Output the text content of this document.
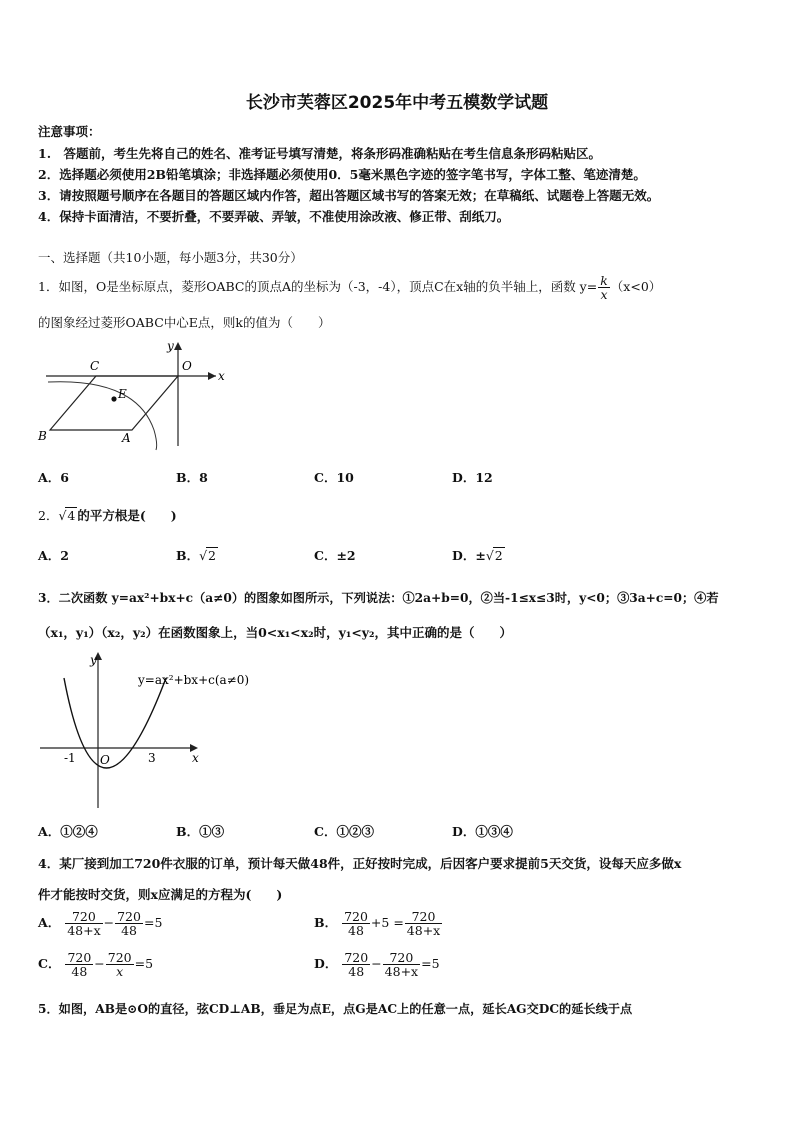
长沙市芙蓉区2025年中考五模数学试题
注意事项：
1.　答题前，考生先将自己的姓名、准考证号填写清楚，将条形码准确粘贴在考生信息条形码粘贴区。
2．选择题必须使用2B铅笔填涂；非选择题必须使用0．5毫米黑色字迹的签字笔书写，字体工整、笔迹清楚。
3．请按照题号顺序在各题目的答题区域内作答，超出答题区域书写的答案无效；在草稿纸、试题卷上答题无效。
4．保持卡面清洁，不要折叠，不要弄破、弄皱，不准使用涂改液、修正带、刮纸刀。
一、选择题（共10小题，每小题3分，共30分）
1．如图，O是坐标原点，菱形OABC的顶点A的坐标为（-3，-4），顶点C在x轴的负半轴上，函数 $y= \frac{k}{x} (x<0)$
的图象经过菱形OABC中心E点，则k的值为（　　）
C	O
y
x
E
B	A
A．6	B．8	C．10	D．12
2．√4 的平方根是(　　)
A．2	B．√2	C．±2	D．±√2
3．二次函数 y=ax²+bx+c（a≠0）的图象如图所示，下列说法：①2a+b=0，②当-1≤x≤3时，y<0；③3a+c=0；④若
（x₁，y₁）（x₂，y₂）在函数图象上，当0<x₁<x₂时，y₁<y₂，其中正确的是（　　）
y
y=ax²+bx+c(a≠0)
-1 O	3	x
A．①②④	B．①③	C．①②③	D．①③④
4．某厂接到加工720件衣服的订单，预计每天做48件，正好按时完成，后因客户要求提前5天交货，设每天应多做x
件才能按时交货，则x应满足的方程为(　　)
A． $\frac{720}{48+x} - \frac{720}{48} =5$	B． $\frac{720}{48} +5 = \frac{720}{48+x}$
C． $\frac{720}{48} - \frac{720}{x} =5$	D． $\frac{720}{48} - \frac{720}{48+x} =5$
5．如图，AB是⊙O的直径，弦CD⊥AB，垂足为点E，点G是AC上的任意一点，延长AG交DC的延长线于点
